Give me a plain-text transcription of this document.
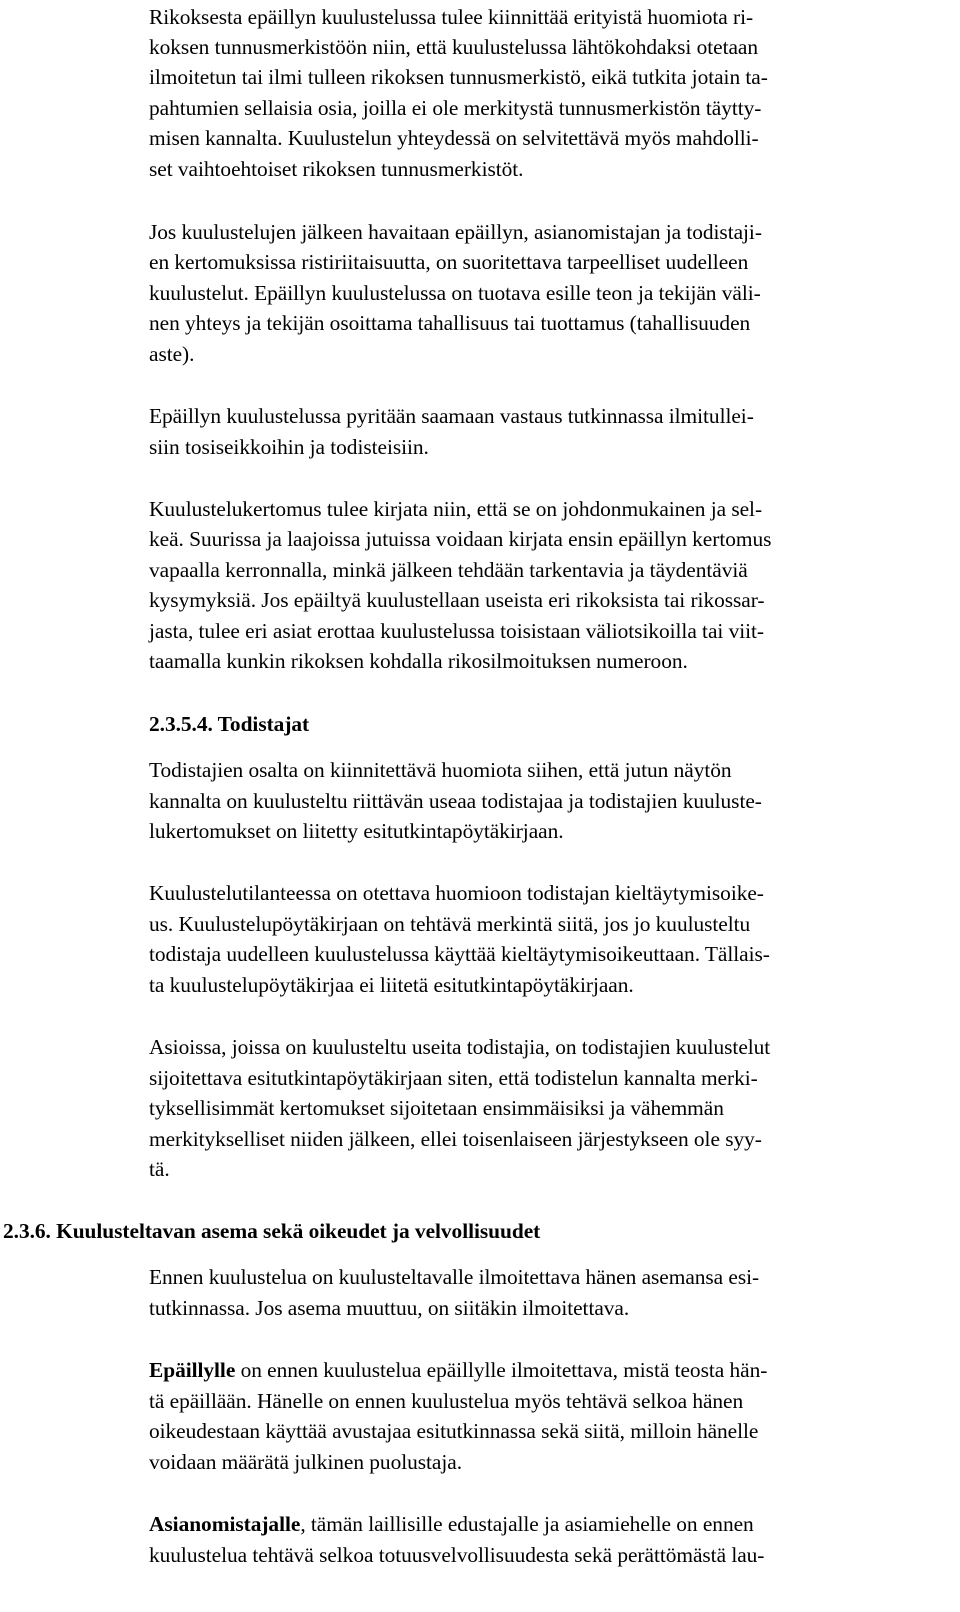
Rikoksesta epäillyn kuulustelussa tulee kiinnittää erityistä huomiota ri-
koksen tunnusmerkistöön niin, että kuulustelussa lähtökohdaksi otetaan
ilmoitetun tai ilmi tulleen rikoksen tunnusmerkistö, eikä tutkita jotain ta-
pahtumien sellaisia osia, joilla ei ole merkitystä tunnusmerkistön täytty-
misen kannalta. Kuulustelun yhteydessä on selvitettävä myös mahdolli-
set vaihtoehtoiset rikoksen tunnusmerkistöt.
Jos kuulustelujen jälkeen havaitaan epäillyn, asianomistajan ja todistaji-
en kertomuksissa ristiriitaisuutta, on suoritettava tarpeelliset uudelleen
kuulustelut. Epäillyn kuulustelussa on tuotava esille teon ja tekijän väli-
nen yhteys ja tekijän osoittama tahallisuus tai tuottamus (tahallisuuden
aste).
Epäillyn kuulustelussa pyritään saamaan vastaus tutkinnassa ilmitullei-
siin tosiseikkoihin ja todisteisiin.
Kuulustelukertomus tulee kirjata niin, että se on johdonmukainen ja sel-
keä. Suurissa ja laajoissa jutuissa voidaan kirjata ensin epäillyn kertomus
vapaalla kerronnalla, minkä jälkeen tehdään tarkentavia ja täydentäviä
kysymyksiä. Jos epäiltyä kuulustellaan useista eri rikoksista tai rikossar-
jasta, tulee eri asiat erottaa kuulustelussa toisistaan väliotsikoilla tai viit-
taamalla kunkin rikoksen kohdalla rikosilmoituksen numeroon.
2.3.5.4. Todistajat
Todistajien osalta on kiinnitettävä huomiota siihen, että jutun näytön
kannalta on kuulusteltu riittävän useaa todistajaa ja todistajien kuuluste-
lukertomukset on liitetty esitutkintapöytäkirjaan.
Kuulustelutilanteessa on otettava huomioon todistajan kieltäytymisoike-
us. Kuulustelupöytäkirjaan on tehtävä merkintä siitä, jos jo kuulusteltu
todistaja uudelleen kuulustelussa käyttää kieltäytymisoikeuttaan. Tällais-
ta kuulustelupöytäkirjaa ei liitetä esitutkintapöytäkirjaan.
Asioissa, joissa on kuulusteltu useita todistajia, on todistajien kuulustelut
sijoitettava esitutkintapöytäkirjaan siten, että todistelun kannalta merki-
tyksellisimmät kertomukset sijoitetaan ensimmäisiksi ja vähemmän
merkitykselliset niiden jälkeen, ellei toisenlaiseen järjestykseen ole syy-
tä.
2.3.6. Kuulusteltavan asema sekä oikeudet ja velvollisuudet
Ennen kuulustelua on kuulusteltavalle ilmoitettava hänen asemansa esi-
tutkinnassa. Jos asema muuttuu, on siitäkin ilmoitettava.
Epäillylle on ennen kuulustelua epäillylle ilmoitettava, mistä teosta hän-
tä epäillään. Hänelle on ennen kuulustelua myös tehtävä selkoa hänen
oikeudestaan käyttää avustajaa esitutkinnassa sekä siitä, milloin hänelle
voidaan määrätä julkinen puolustaja.
Asianomistajalle, tämän laillisille edustajalle ja asiamiehelle on ennen
kuulustelua tehtävä selkoa totuusvelvollisuudesta sekä perättömästä lau-
